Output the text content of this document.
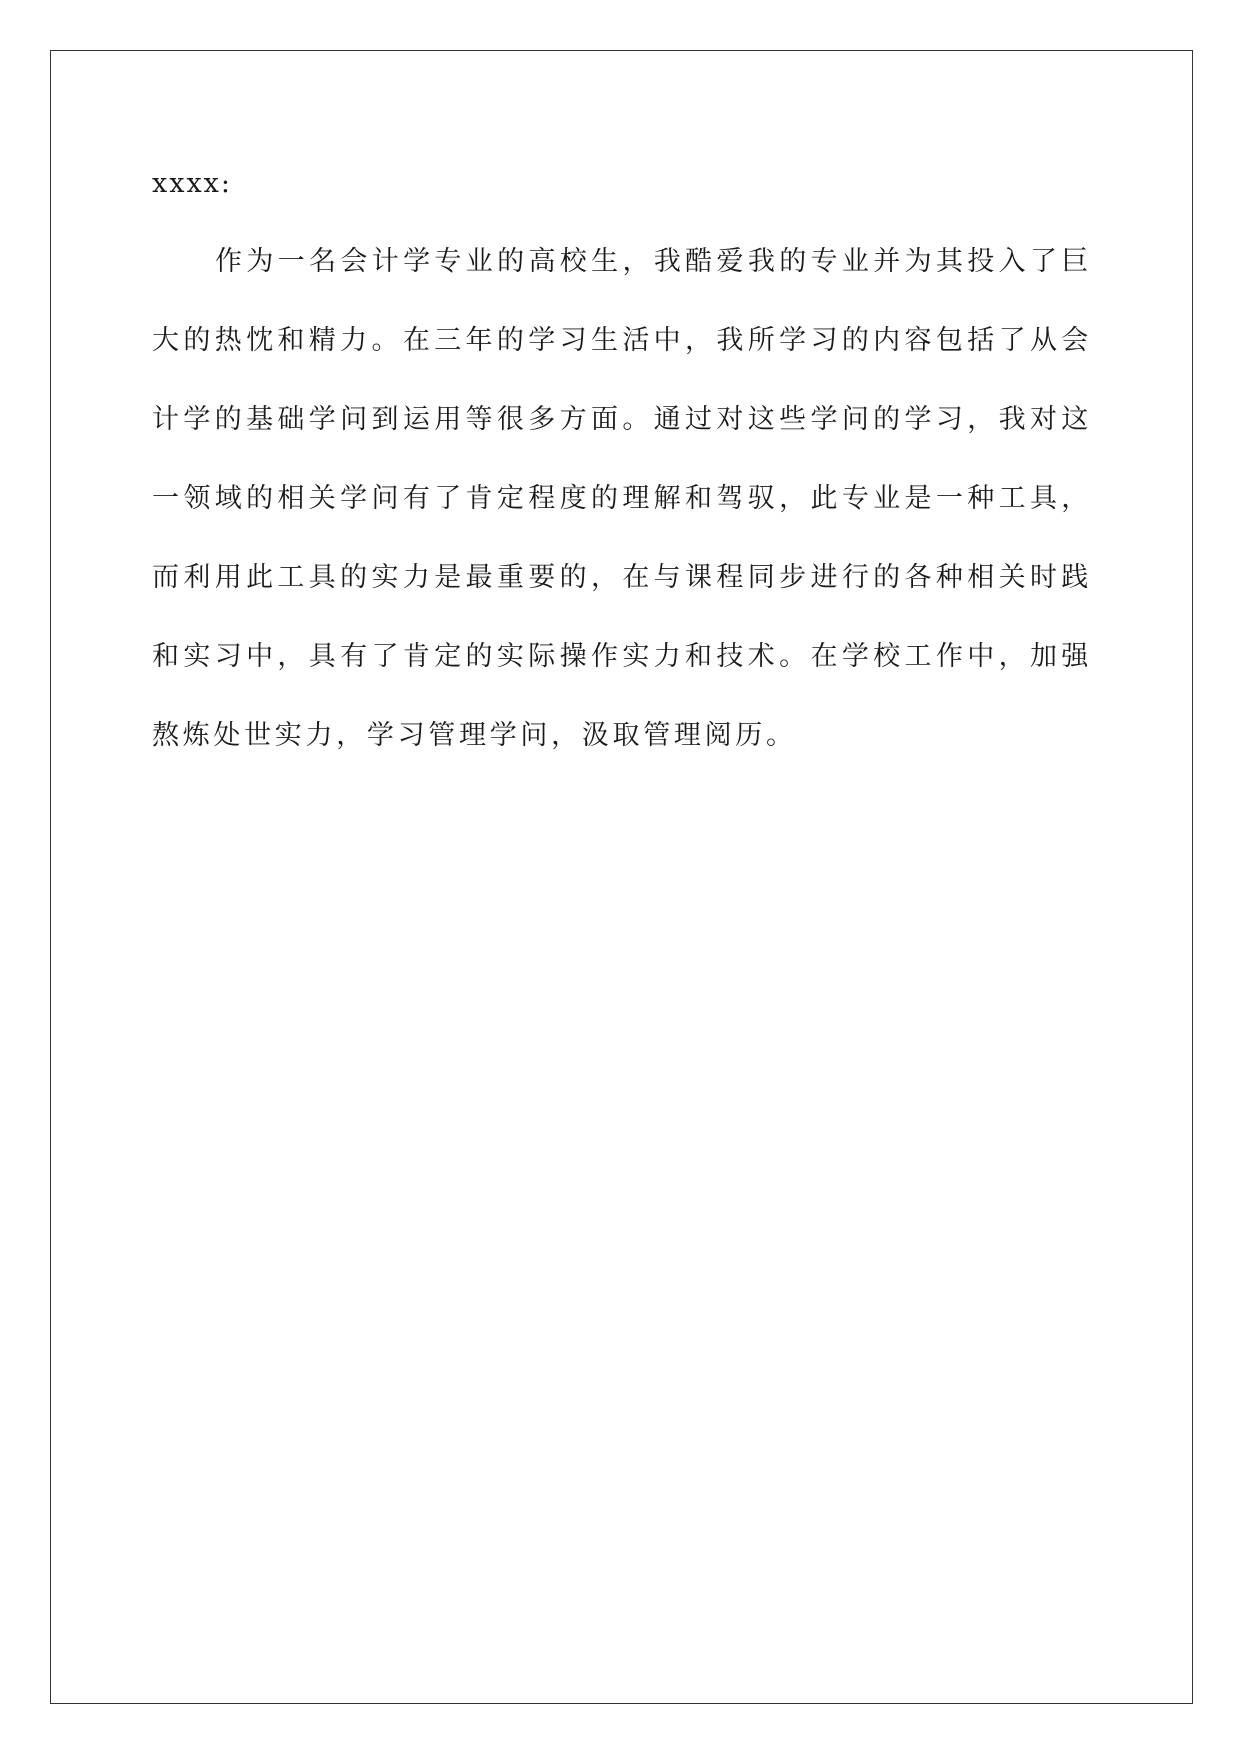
xxxx:

作为一名会计学专业的高校生，我酷爱我的专业并为其投入了巨大的热忱和精力。在三年的学习生活中，我所学习的内容包括了从会计学的基础学问到运用等很多方面。通过对这些学问的学习，我对这一领域的相关学问有了肯定程度的理解和驾驭，此专业是一种工具，而利用此工具的实力是最重要的，在与课程同步进行的各种相关时践和实习中，具有了肯定的实际操作实力和技术。在学校工作中，加强熬炼处世实力，学习管理学问，汲取管理阅历。
